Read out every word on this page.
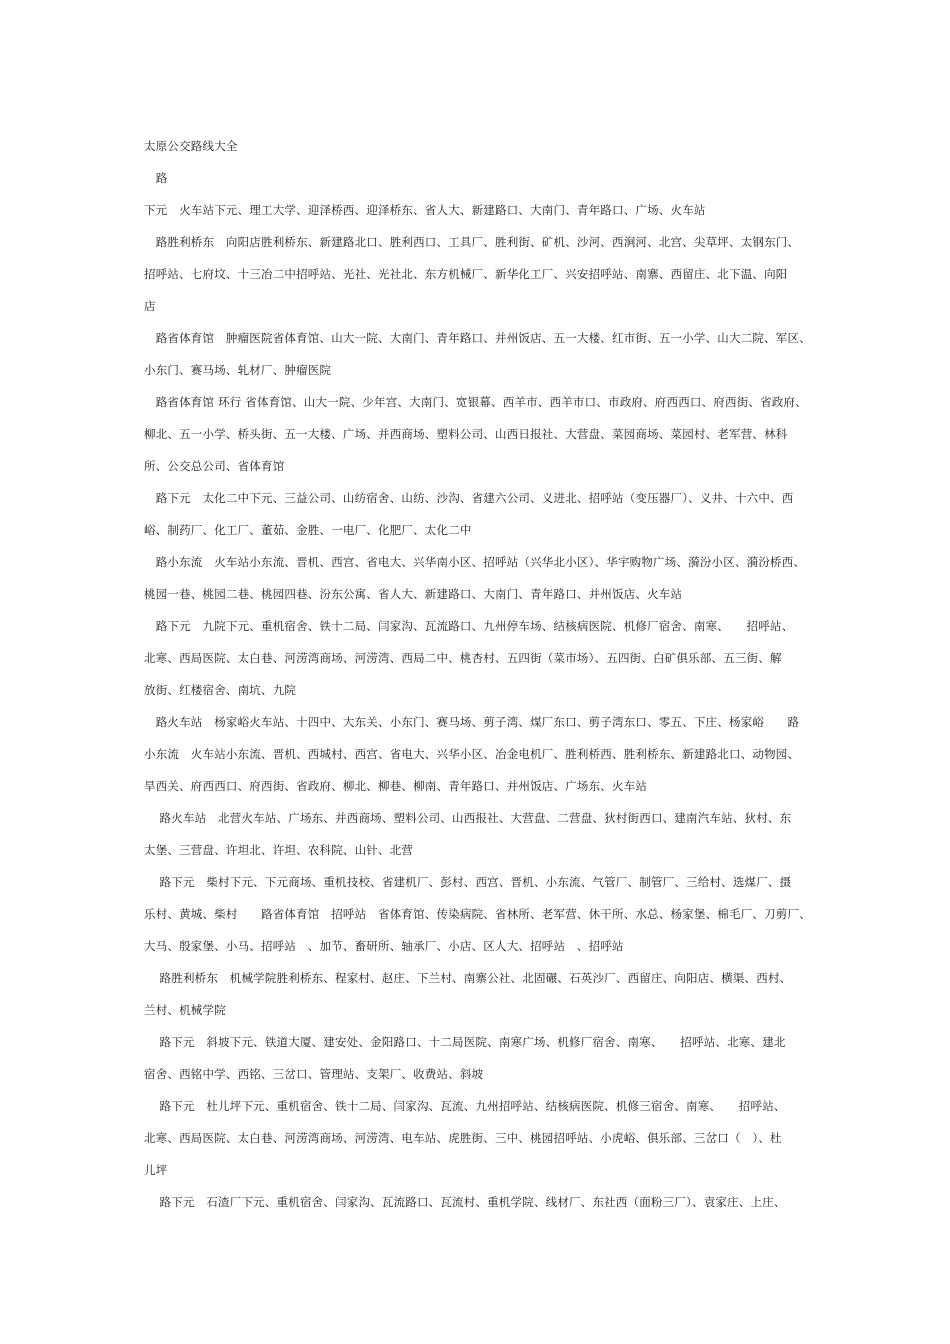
太原公交路线大全
　路
下元　火车站下元、理工大学、迎泽桥西、迎泽桥东、省人大、新建路口、大南门、青年路口、广场、火车站
　路胜利桥东　向阳店胜利桥东、新建路北口、胜利西口、工具厂、胜利街、矿机、沙河、西涧河、北宫、尖草坪、太钢东门、
招呼站、七府坟、十三冶二中招呼站、光社、光社北、东方机械厂、新华化工厂、兴安招呼站、南寨、西留庄、北下温、向阳
店
　路省体育馆　肿瘤医院省体育馆、山大一院、大南门、青年路口、并州饭店、五一大楼、红市街、五一小学、山大二院、军区、
小东门、赛马场、轧材厂、肿瘤医院
　路省体育馆 环行 省体育馆、山大一院、少年宫、大南门、宽银幕、西羊市、西羊市口、市政府、府西西口、府西街、省政府、
柳北、五一小学、桥头街、五一大楼、广场、并西商场、塑料公司、山西日报社、大营盘、菜园商场、菜园村、老军营、林科
所、公交总公司、省体育馆
　路下元　太化二中下元、三益公司、山纺宿舍、山纺、沙沟、省建六公司、义进北、招呼站（变压器厂）、义井、十六中、西
峪、制药厂、化工厂、董茹、金胜、一电厂、化肥厂、太化二中
　路小东流　火车站小东流、晋机、西宫、省电大、兴华南小区、招呼站（兴华北小区）、华宇购物广场、漪汾小区、漪汾桥西、
桃园一巷、桃园二巷、桃园四巷、汾东公寓、省人大、新建路口、大南门、青年路口、并州饭店、火车站
　路下元　九院下元、重机宿舍、铁十二局、闫家沟、瓦流路口、九州停车场、结核病医院、机修厂宿舍、南寒、　　招呼站、
北寒、西局医院、太白巷、河涝湾商场、河涝湾、西局二中、桃杏村、五四街（菜市场）、五四街、白矿俱乐部、五三街、解
放街、红楼宿舍、南坑、九院
　路火车站　杨家峪火车站、十四中、大东关、小东门、赛马场、剪子湾、煤厂东口、剪子湾东口、零五、下庄、杨家峪　　路
小东流　火车站小东流、晋机、西城村、西宫、省电大、兴华小区、冶金电机厂、胜利桥西、胜利桥东、新建路北口、动物园、
旱西关、府西西口、府西街、省政府、柳北、柳巷、柳南、青年路口、并州饭店、广场东、火车站
　 路火车站　北营火车站、广场东、并西商场、塑料公司、山西报社、大营盘、二营盘、狄村街西口、建南汽车站、狄村、东
太堡、三营盘、许坦北、许坦、农科院、山针、北营
　 路下元　柴村下元、下元商场、重机技校、省建机厂、彭村、西宫、晋机、小东流、气管厂、制管厂、三给村、选煤厂、摄
乐村、黄城、柴村　　路省体育馆　招呼站　省体育馆、传染病院、省林所、老军营、休干所、水总、杨家堡、棉毛厂、刀剪厂、
大马、殷家堡、小马、招呼站　、加节、畜研所、轴承厂、小店、区人大、招呼站　、招呼站
　 路胜利桥东　机械学院胜利桥东、程家村、赵庄、下兰村、南寨公社、北固碾、石英沙厂、西留庄、向阳店、横渠、西村、
兰村、机械学院
　 路下元　斜坡下元、铁道大厦、建安处、金阳路口、十二局医院、南寒广场、机修厂宿舍、南寒、　　招呼站、北寒、建北
宿舍、西铭中学、西铭、三岔口、管理站、支架厂、收费站、斜坡
　 路下元　杜儿坪下元、重机宿舍、铁十二局、闫家沟、瓦流、九州招呼站、结核病医院、机修三宿舍、南寒、　　招呼站、
北寒、西局医院、太白巷、河涝湾商场、河涝湾、电车站、虎胜街、三中、桃园招呼站、小虎峪、俱乐部、三岔口（　）、杜
儿坪
　 路下元　石渣厂下元、重机宿舍、闫家沟、瓦流路口、瓦流村、重机学院、线材厂、东社西（面粉三厂）、袁家庄、上庄、
